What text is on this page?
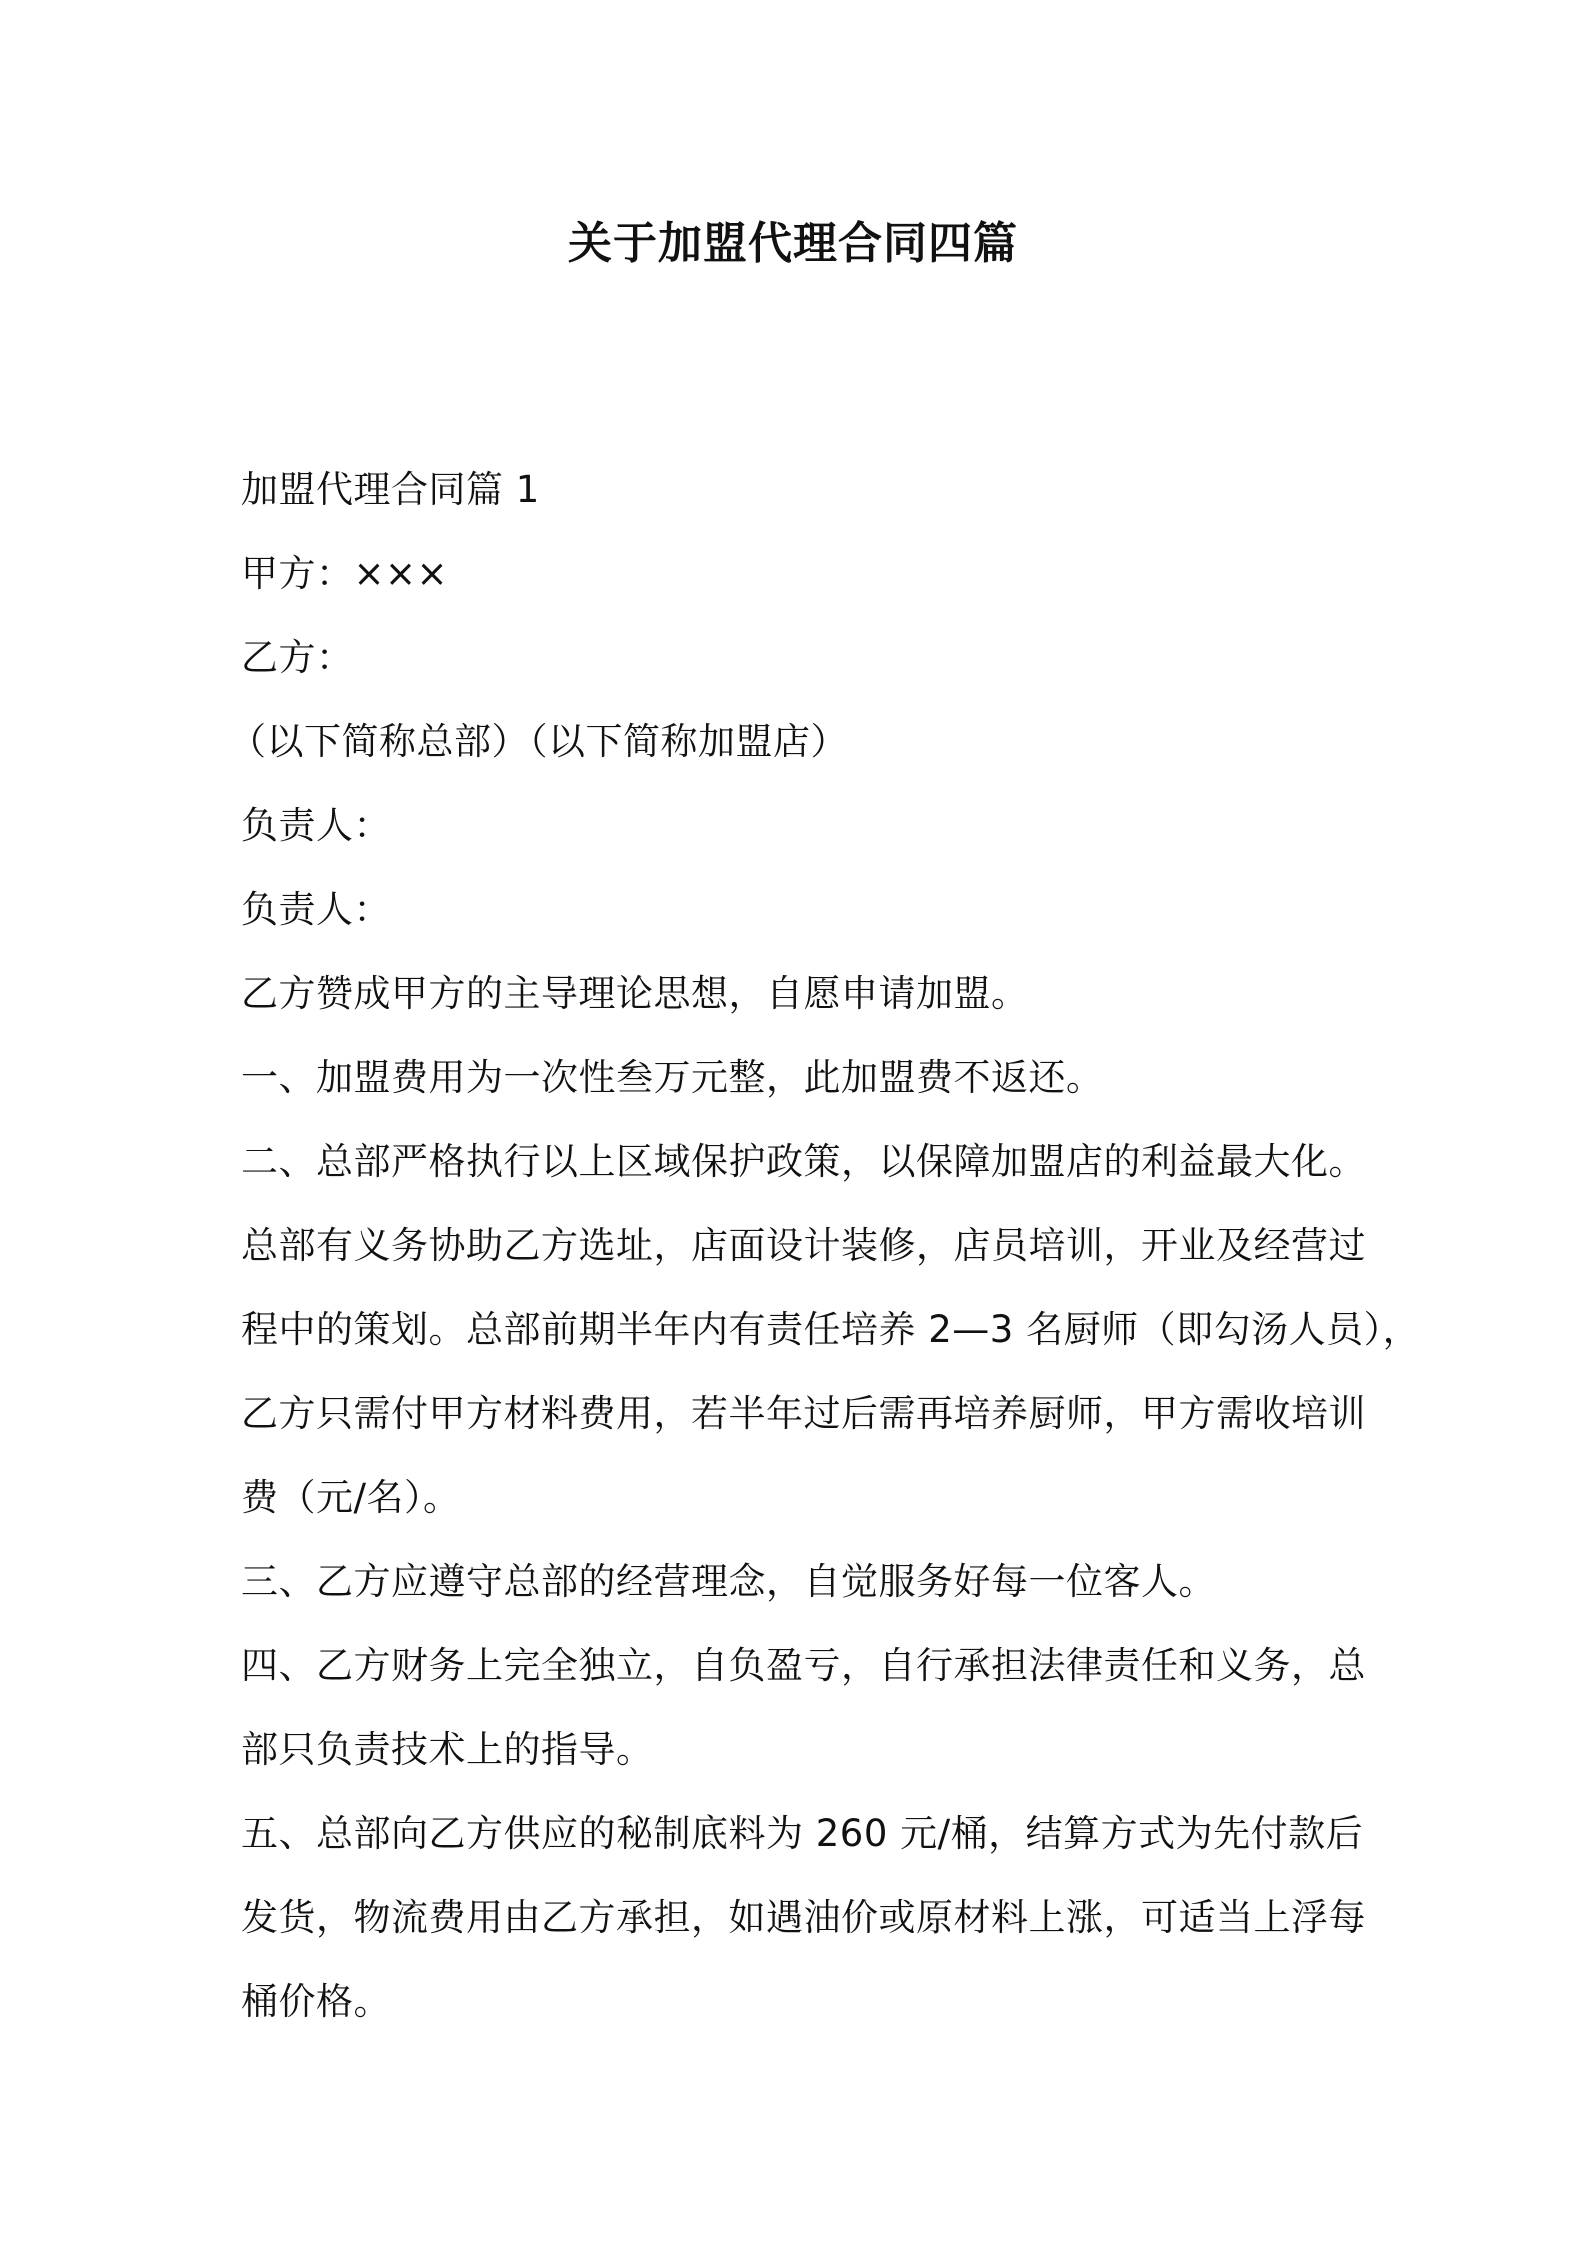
关于加盟代理合同四篇
加盟代理合同篇 1
甲方：×××
乙方：
（以下简称总部）（以下简称加盟店）
负责人：
负责人：
乙方赞成甲方的主导理论思想，自愿申请加盟。
一、加盟费用为一次性叁万元整，此加盟费不返还。
二、总部严格执行以上区域保护政策，以保障加盟店的利益最大化。
总部有义务协助乙方选址，店面设计装修，店员培训，开业及经营过
程中的策划。总部前期半年内有责任培养 2—3 名厨师（即勾汤人员），
乙方只需付甲方材料费用，若半年过后需再培养厨师，甲方需收培训
费（元/名）。
三、乙方应遵守总部的经营理念，自觉服务好每一位客人。
四、乙方财务上完全独立，自负盈亏，自行承担法律责任和义务，总
部只负责技术上的指导。
五、总部向乙方供应的秘制底料为 260 元/桶，结算方式为先付款后
发货，物流费用由乙方承担，如遇油价或原材料上涨，可适当上浮每
桶价格。
